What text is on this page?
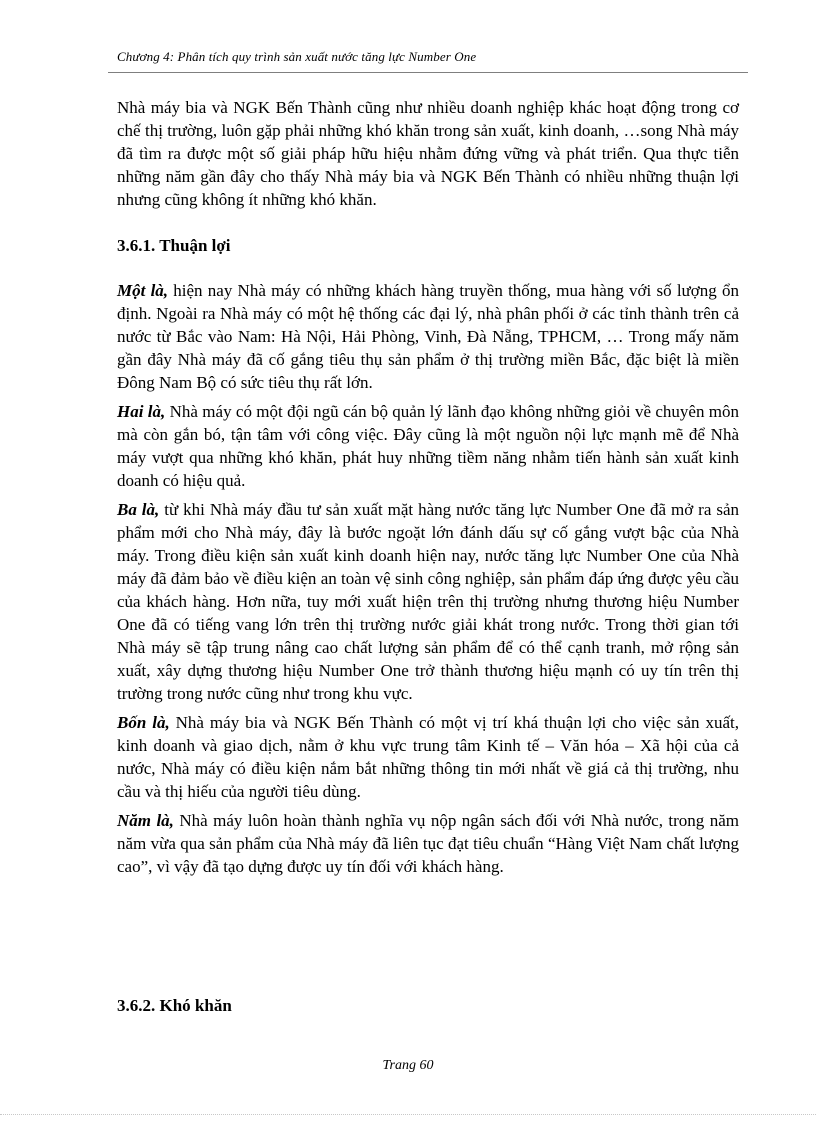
Chương 4: Phân tích quy trình sản xuất nước tăng lực Number One

Nhà máy bia và NGK Bến Thành cũng như nhiều doanh nghiệp khác hoạt động trong cơ chế thị trường, luôn gặp phải những khó khăn trong sản xuất, kinh doanh, …song Nhà máy đã tìm ra được một số giải pháp hữu hiệu nhằm đứng vững và phát triển. Qua thực tiễn những năm gần đây cho thấy Nhà máy bia và NGK Bến Thành có nhiều những thuận lợi nhưng cũng không ít những khó khăn.

3.6.1. Thuận lợi

Một là, hiện nay Nhà máy có những khách hàng truyền thống, mua hàng với số lượng ổn định. Ngoài ra Nhà máy có một hệ thống các đại lý, nhà phân phối ở các tỉnh thành trên cả nước từ Bắc vào Nam: Hà Nội, Hải Phòng, Vinh, Đà Nẵng, TPHCM, … Trong mấy năm gần đây Nhà máy đã cố gắng tiêu thụ sản phẩm ở thị trường miền Bắc, đặc biệt là miền Đông Nam Bộ có sức tiêu thụ rất lớn.

Hai là, Nhà máy có một đội ngũ cán bộ quản lý lãnh đạo không những giỏi về chuyên môn mà còn gắn bó, tận tâm với công việc. Đây cũng là một nguồn nội lực mạnh mẽ để Nhà máy vượt qua những khó khăn, phát huy những tiềm năng nhằm tiến hành sản xuất kinh doanh có hiệu quả.

Ba là, từ khi Nhà máy đầu tư sản xuất mặt hàng nước tăng lực Number One đã mở ra sản phẩm mới cho Nhà máy, đây là bước ngoặt lớn đánh dấu sự cố gắng vượt bậc của Nhà máy. Trong điều kiện sản xuất kinh doanh hiện nay, nước tăng lực Number One của Nhà máy đã đảm bảo về điều kiện an toàn vệ sinh công nghiệp, sản phẩm đáp ứng được yêu cầu của khách hàng. Hơn nữa, tuy mới xuất hiện trên thị trường nhưng thương hiệu Number One đã có tiếng vang lớn trên thị trường nước giải khát trong nước. Trong thời gian tới Nhà máy sẽ tập trung nâng cao chất lượng sản phẩm để có thể cạnh tranh, mở rộng sản xuất, xây dựng thương hiệu Number One trở thành thương hiệu mạnh có uy tín trên thị trường trong nước cũng như trong khu vực.

Bốn là, Nhà máy bia và NGK Bến Thành có một vị trí khá thuận lợi cho việc sản xuất, kinh doanh và giao dịch, nằm ở khu vực trung tâm Kinh tế – Văn hóa – Xã hội của cả nước, Nhà máy có điều kiện nắm bắt những thông tin mới nhất về giá cả thị trường, nhu cầu và thị hiếu của người tiêu dùng.

Năm là, Nhà máy luôn hoàn thành nghĩa vụ nộp ngân sách đối với Nhà nước, trong năm năm vừa qua sản phẩm của Nhà máy đã liên tục đạt tiêu chuẩn “Hàng Việt Nam chất lượng cao”, vì vậy đã tạo dựng được uy tín đối với khách hàng.

3.6.2. Khó khăn
Trang 60
